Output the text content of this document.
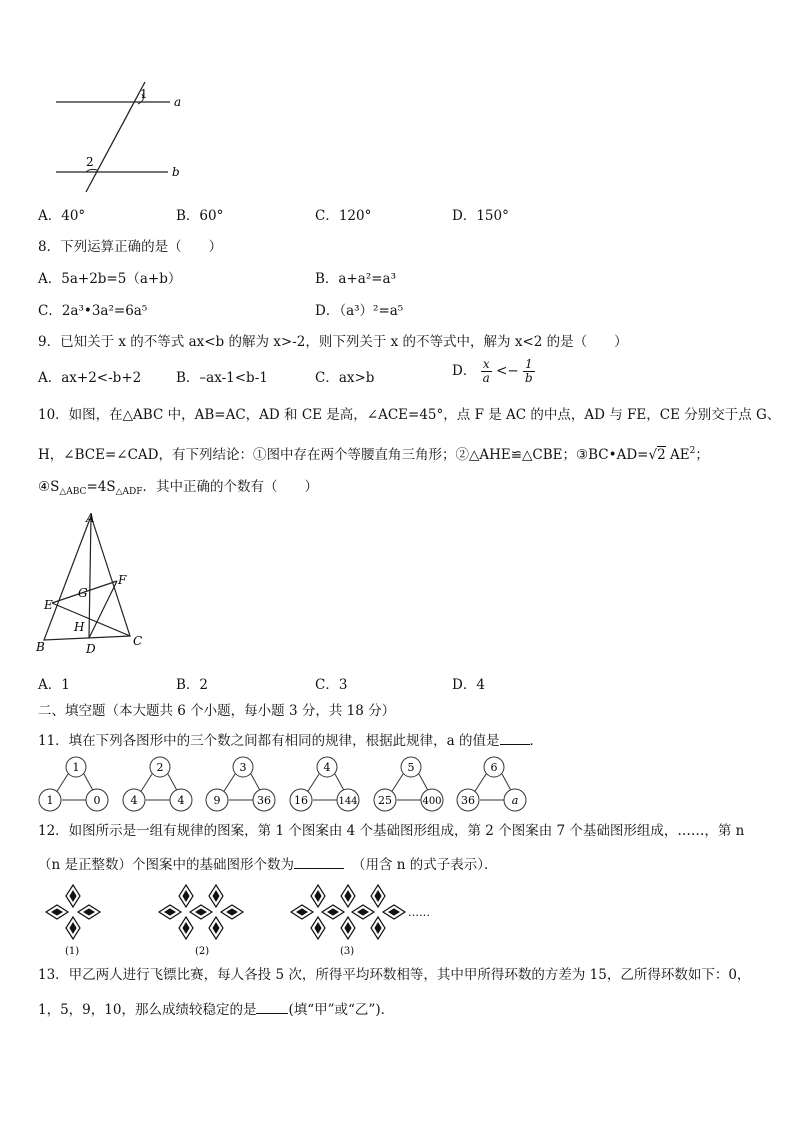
a
b
1
2
A．40°	B．60°	C．120°	D．150°
8．下列运算正确的是（　　）
A．5a+2b=5（a+b）	B．a+a²=a³
C．2a³•3a²=6a⁵	D．（a³）²=a⁵
9．已知关于 x 的不等式 ax<b 的解为 x>-2，则下列关于 x 的不等式中，解为 x<2 的是（　　）
A．ax+2<-b+2	B．–ax-1<b-1	C．ax>b	D． $\frac{x}{a} <- \frac{1}{b}$
10．如图，在△ABC 中，AB=AC，AD 和 CE 是高，∠ACE=45°，点 F 是 AC 的中点，AD 与 FE，CE 分别交于点 G、
H，∠BCE=∠CAD，有下列结论：①图中存在两个等腰直角三角形；②△AHE≌△CBE；③BC•AD=√2 $AE^2$；
$④S_{\triangle ABC}=4S_{\triangle ADF}$．其中正确的个数有（　　）
A
B	C
D
E
F
G
H
A．1	B．2	C．3	D．4
二、填空题（本大题共 6 个小题，每小题 3 分，共 18 分）
11．填在下列各图形中的三个数之间都有相同的规律，根据此规律，a 的值是 ．
1
1	0
2
4	4
3
9	36
4
16	144
5
25	400
6
36	a
12．如图所示是一组有规律的图案，第 1 个图案由 4 个基础图形组成，第 2 个图案由 7 个基础图形组成，……，第 n
（n 是正整数）个图案中的基础图形个数为	（用含 n 的式子表示）．
(1)	(2)	(3)
……
13．甲乙两人进行飞镖比赛，每人各投 5 次，所得平均环数相等，其中甲所得环数的方差为 15，乙所得环数如下：0，
1，5，9，10，那么成绩较稳定的是 (填“甲”或“乙”)．
